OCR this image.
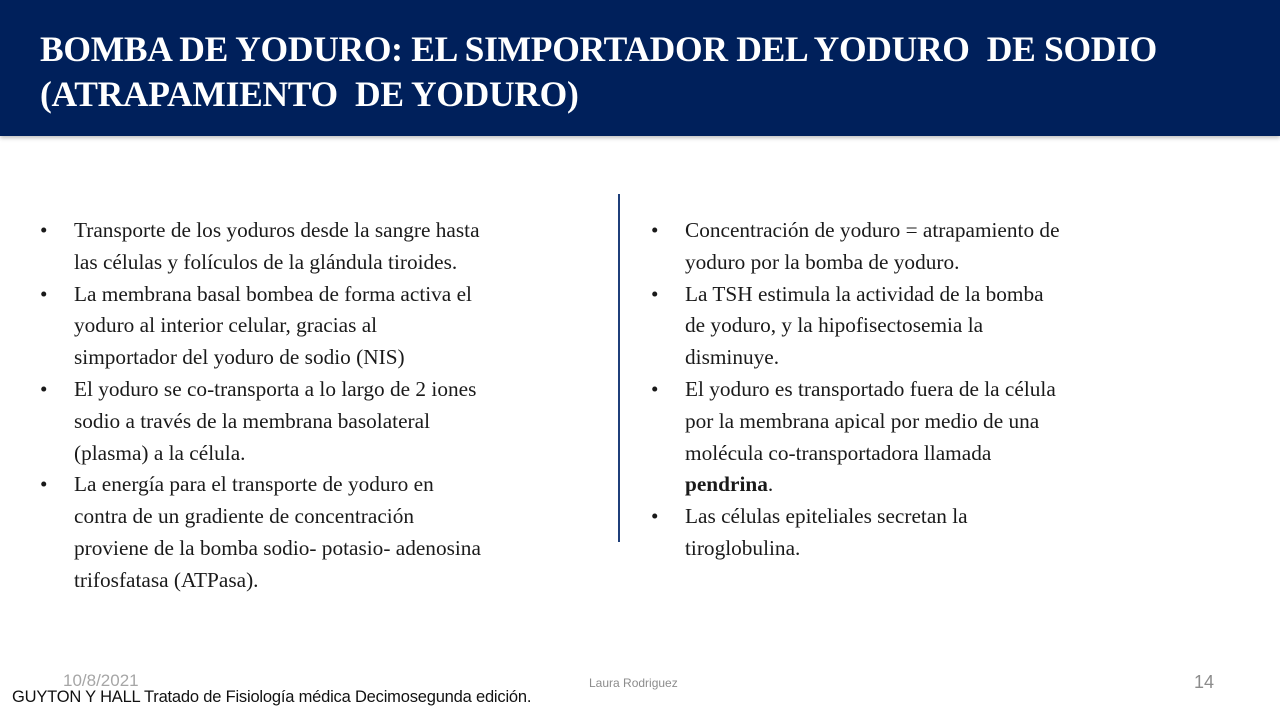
BOMBA DE YODURO: EL SIMPORTADOR DEL YODURO  DE SODIO
(ATRAPAMIENTO  DE YODURO)
• Transporte de los yoduros desde la sangre hasta
las células y folículos de la glándula tiroides.
• La membrana basal bombea de forma activa el
yoduro al interior celular, gracias al
simportador del yoduro de sodio (NIS)
• El yoduro se co-transporta a lo largo de 2 iones
sodio a través de la membrana basolateral
(plasma) a la célula.
• La energía para el transporte de yoduro en
contra de un gradiente de concentración
proviene de la bomba sodio- potasio- adenosina
trifosfatasa (ATPasa).
• Concentración de yoduro = atrapamiento de
yoduro por la bomba de yoduro.
• La TSH estimula la actividad de la bomba
de yoduro, y la hipofisectosemia la
disminuye.
• El yoduro es transportado fuera de la célula
por la membrana apical por medio de una
molécula co-transportadora llamada
pendrina.
• Las células epiteliales secretan la
tiroglobulina.
10/8/2021	Laura Rodriguez	14
GUYTON Y HALL Tratado de Fisiología médica Decimosegunda edición.
